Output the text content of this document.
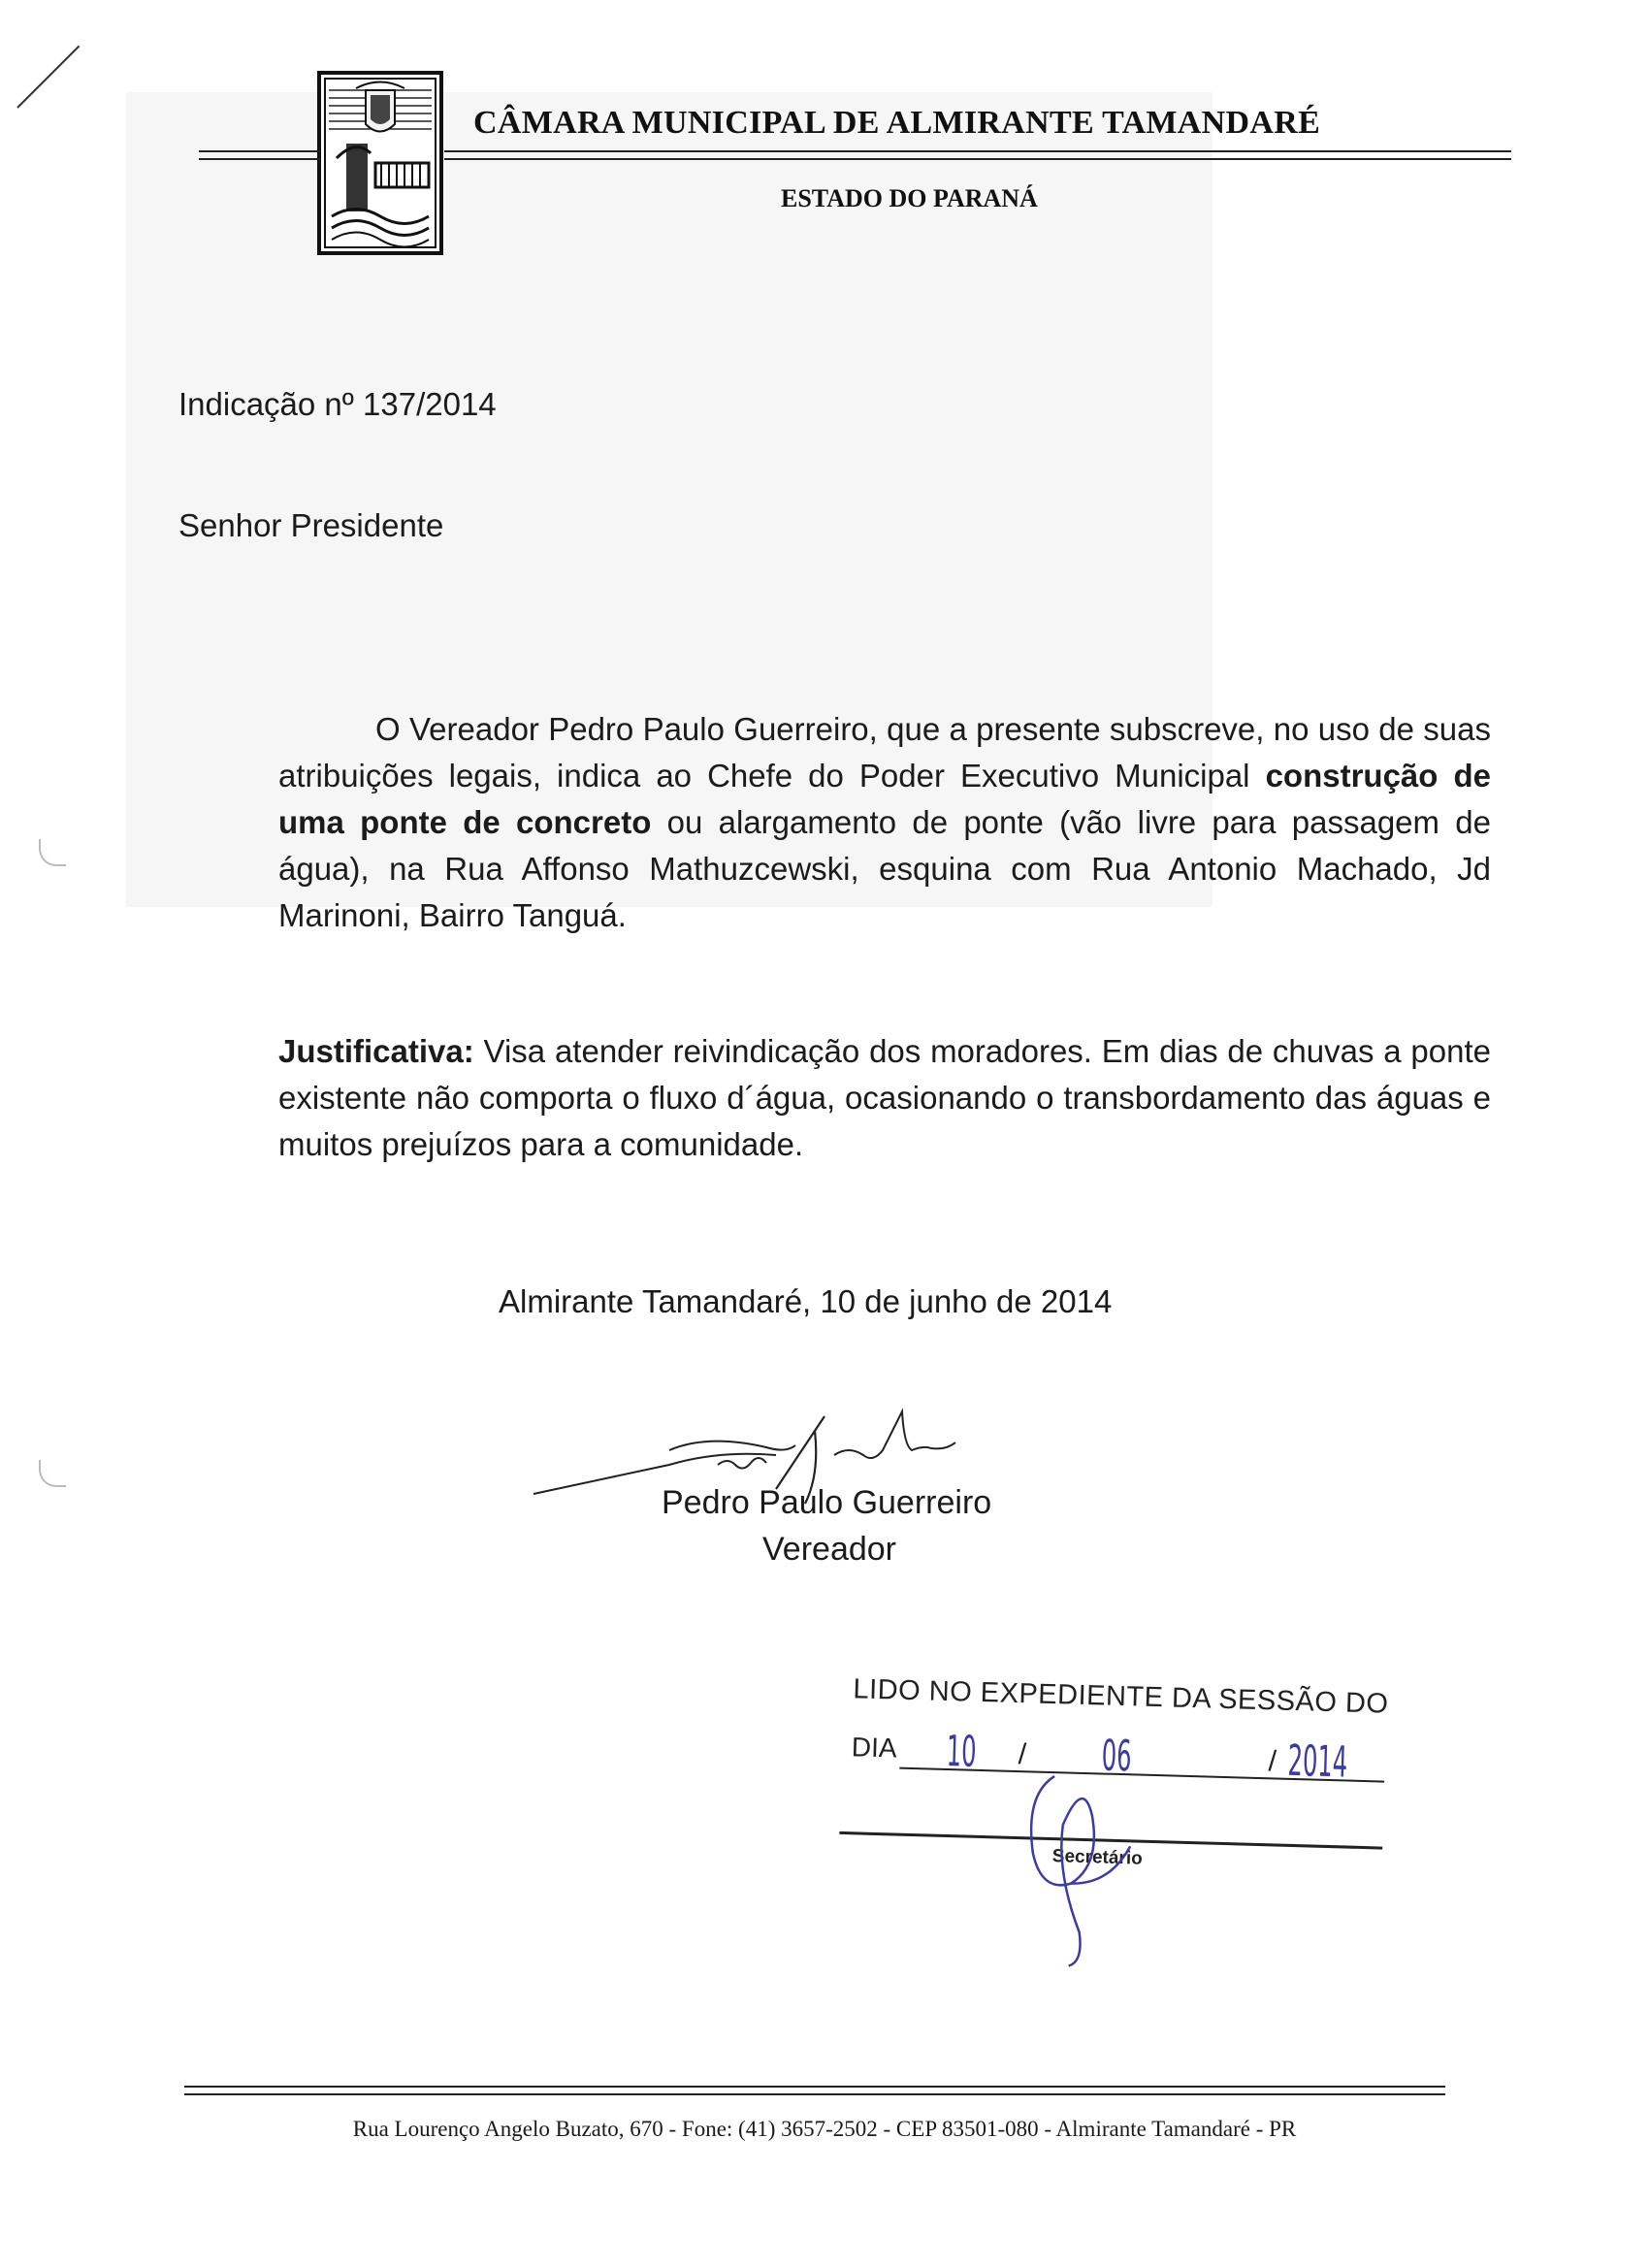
CÂMARA MUNICIPAL DE ALMIRANTE TAMANDARÉ
ESTADO DO PARANÁ
Indicação nº 137/2014
Senhor Presidente
O Vereador Pedro Paulo Guerreiro, que a presente subscreve, no uso de suas atribuições legais, indica ao Chefe do Poder Executivo Municipal construção de uma ponte de concreto ou alargamento de ponte (vão livre para passagem de água), na Rua Affonso Mathuzcewski, esquina com Rua Antonio Machado, Jd Marinoni, Bairro Tanguá.
Justificativa: Visa atender reivindicação dos moradores. Em dias de chuvas a ponte existente não comporta o fluxo d´água, ocasionando o transbordamento das águas e muitos prejuízos para a comunidade.
Almirante Tamandaré, 10 de junho de 2014
Pedro Paulo Guerreiro
Vereador
LIDO NO EXPEDIENTE DA SESSÃO DO
DIA 10 / 06	/ 2014
Secretário
Rua Lourenço Angelo Buzato, 670 - Fone: (41) 3657-2502 - CEP 83501-080 - Almirante Tamandaré - PR
